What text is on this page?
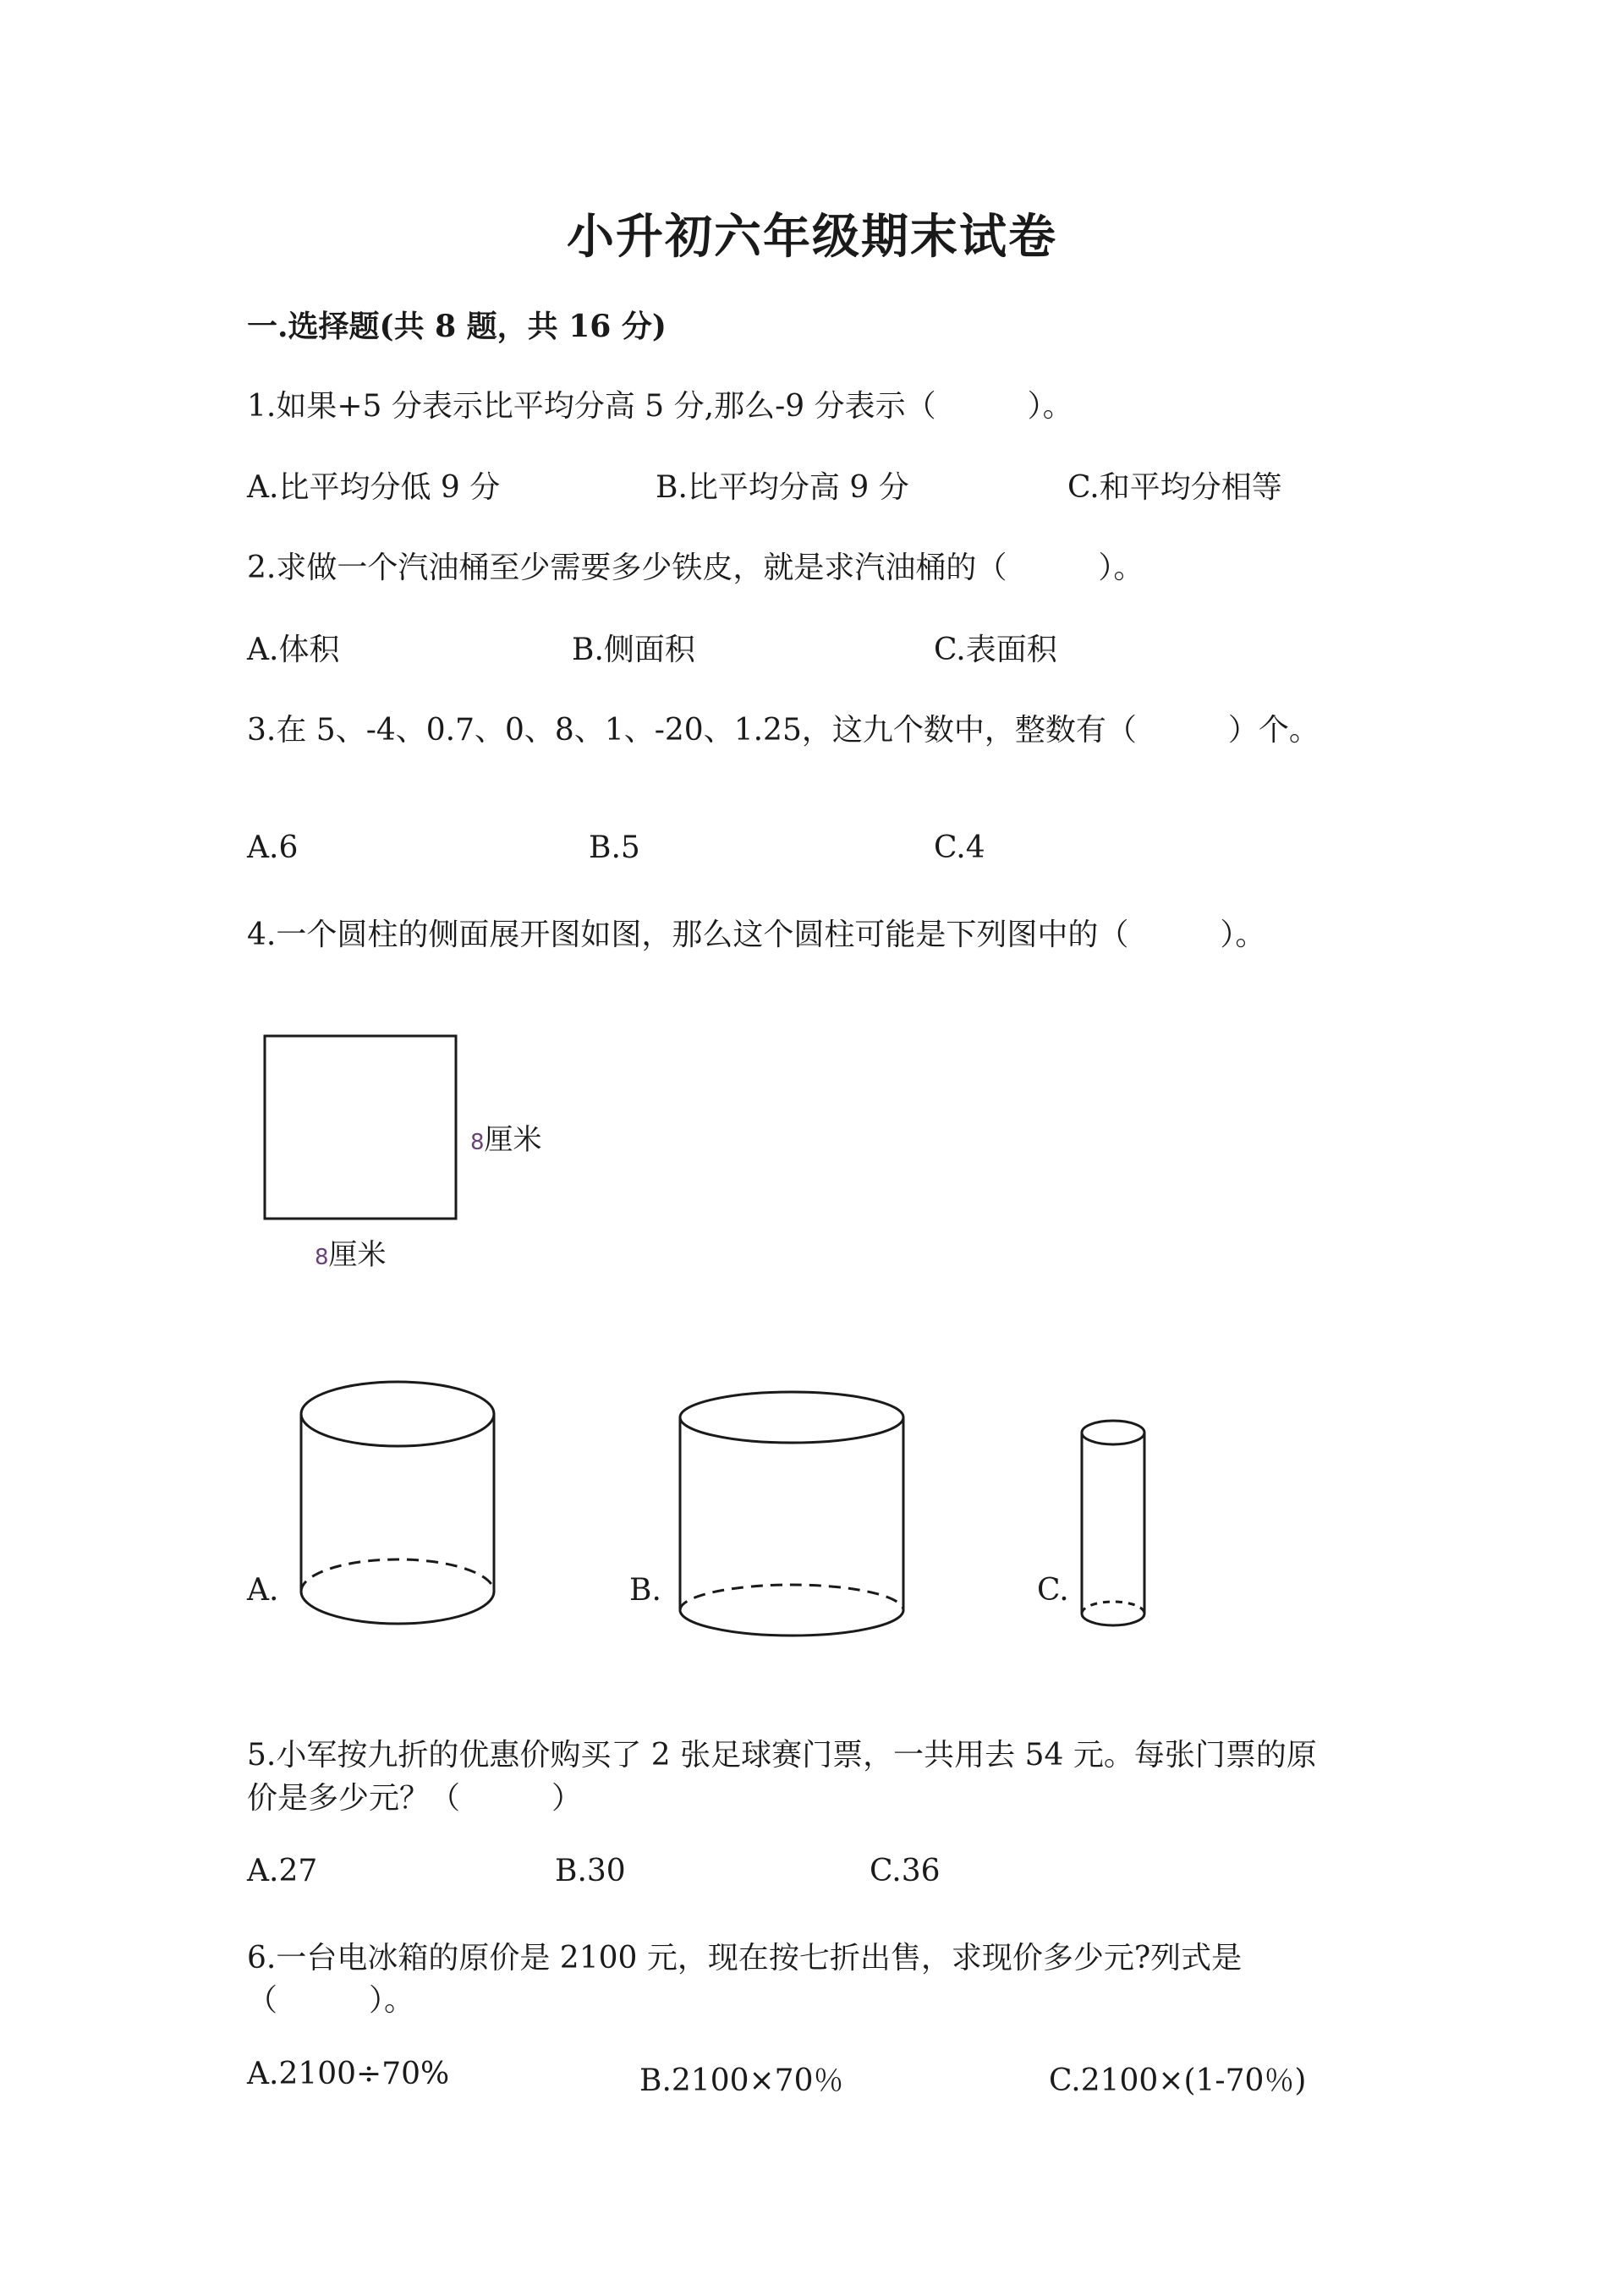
小升初六年级期末试卷
一.选择题(共 8 题，共 16 分)
1.如果+5 分表示比平均分高 5 分,那么-9 分表示（　　　）。
A.比平均分低 9 分	B.比平均分高 9 分	C.和平均分相等
2.求做一个汽油桶至少需要多少铁皮，就是求汽油桶的（　　　）。
A.体积	B.侧面积	C.表面积
3.在 5、-4、0.7、0、8、1、-20、1.25，这九个数中，整数有（　　　）个。
A.6	B.5	C.4
4.一个圆柱的侧面展开图如图，那么这个圆柱可能是下列图中的（　　　）。
8厘米
8厘米
A.	B.	C.
5.小军按九折的优惠价购买了 2 张足球赛门票，一共用去 54 元。每张门票的原
价是多少元？（　　　）
A.27	B.30	C.36
6.一台电冰箱的原价是 2100 元，现在按七折出售，求现价多少元?列式是
（　　　）。
A.2100÷70%	B.2100×70％	C.2100×(1-70％)
